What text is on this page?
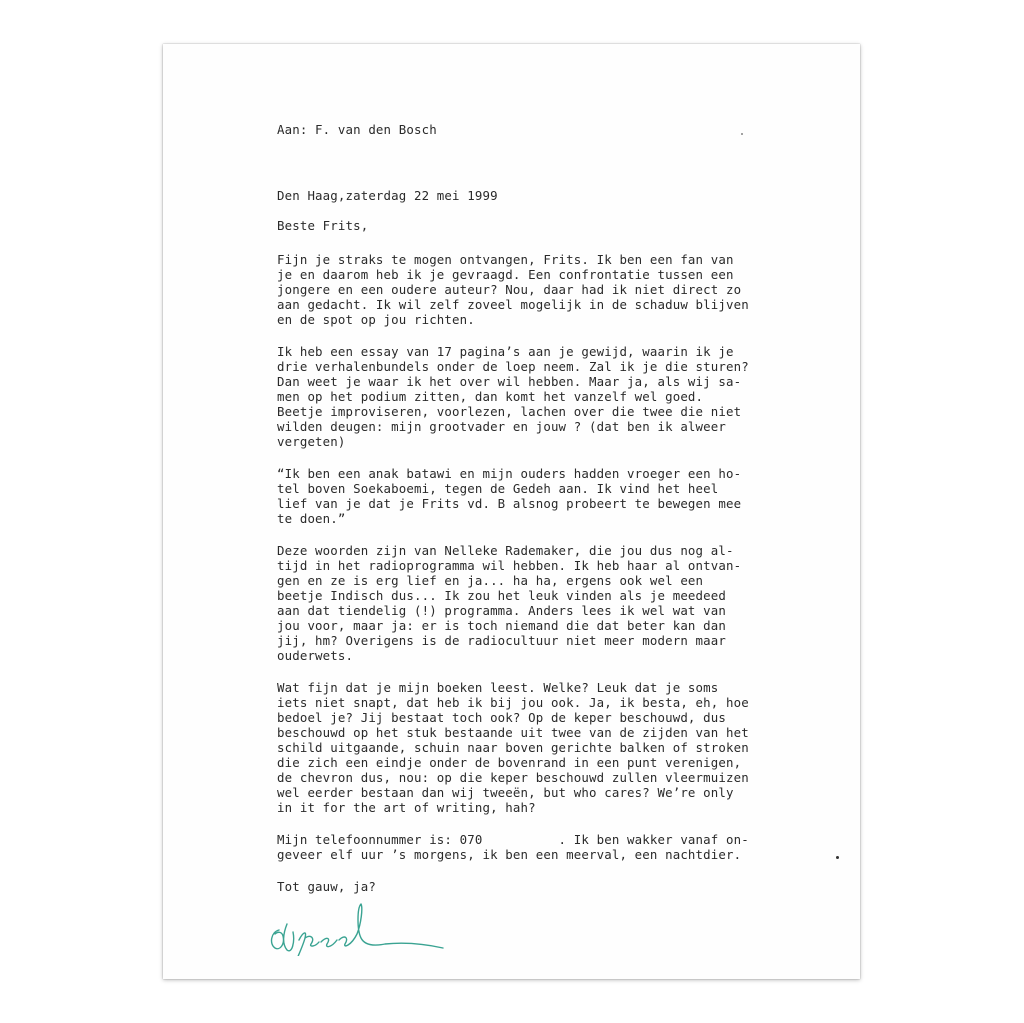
Aan: F. van den Bosch

Den Haag,zaterdag 22 mei 1999

Beste Frits,

Fijn je straks te mogen ontvangen, Frits. Ik ben een fan van
je en daarom heb ik je gevraagd. Een confrontatie tussen een
jongere en een oudere auteur? Nou, daar had ik niet direct zo
aan gedacht. Ik wil zelf zoveel mogelijk in de schaduw blijven
en de spot op jou richten.

Ik heb een essay van 17 pagina’s aan je gewijd, waarin ik je
drie verhalenbundels onder de loep neem. Zal ik je die sturen?
Dan weet je waar ik het over wil hebben. Maar ja, als wij sa-
men op het podium zitten, dan komt het vanzelf wel goed.
Beetje improviseren, voorlezen, lachen over die twee die niet
wilden deugen: mijn grootvader en jouw ? (dat ben ik alweer
vergeten)

“Ik ben een anak batawi en mijn ouders hadden vroeger een ho-
tel boven Soekaboemi, tegen de Gedeh aan. Ik vind het heel
lief van je dat je Frits vd. B alsnog probeert te bewegen mee
te doen.”

Deze woorden zijn van Nelleke Rademaker, die jou dus nog al-
tijd in het radioprogramma wil hebben. Ik heb haar al ontvan-
gen en ze is erg lief en ja... ha ha, ergens ook wel een
beetje Indisch dus... Ik zou het leuk vinden als je meedeed
aan dat tiendelig (!) programma. Anders lees ik wel wat van
jou voor, maar ja: er is toch niemand die dat beter kan dan
jij, hm? Overigens is de radiocultuur niet meer modern maar
ouderwets.

Wat fijn dat je mijn boeken leest. Welke? Leuk dat je soms
iets niet snapt, dat heb ik bij jou ook. Ja, ik besta, eh, hoe
bedoel je? Jij bestaat toch ook? Op de keper beschouwd, dus
beschouwd op het stuk bestaande uit twee van de zijden van het
schild uitgaande, schuin naar boven gerichte balken of stroken
die zich een eindje onder de bovenrand in een punt verenigen,
de chevron dus, nou: op die keper beschouwd zullen vleermuizen
wel eerder bestaan dan wij tweeën, but who cares? We’re only
in it for the art of writing, hah?

Mijn telefoonnummer is: 070          . Ik ben wakker vanaf on-
geveer elf uur ’s morgens, ik ben een meerval, een nachtdier.

Tot gauw, ja?
